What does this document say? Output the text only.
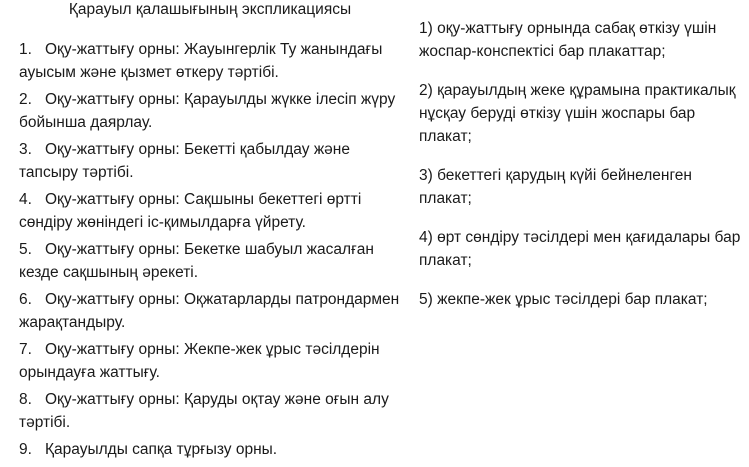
Қарауыл қалашығының экспликациясы
1. Оқу-жаттығу орны: Жауынгерлік Ту жанындағы ауысым және қызмет өткеру тәртібі.
2. Оқу-жаттығу орны: Қарауылды жүкке ілесіп жүру бойынша даярлау.
3. Оқу-жаттығу орны: Бекетті қабылдау және тапсыру тәртібі.
4. Оқу-жаттығу орны: Сақшыны бекеттегі өртті сөндіру жөніндегі іс-қимылдарға үйрету.
5. Оқу-жаттығу орны: Бекетке шабуыл жасалған кезде сақшының әрекеті.
6. Оқу-жаттығу орны: Оқжатарларды патрондармен жарақтандыру.
7. Оқу-жаттығу орны: Жекпе-жек ұрыс тәсілдерін орындауға жаттығу.
8. Оқу-жаттығу орны: Қаруды оқтау және оғын алу тәртібі.
9. Қарауылды сапқа тұрғызу орны.
1) оқу-жаттығу орнында сабақ өткізу үшін жоспар-конспектісі бар плакаттар;
2) қарауылдың жеке құрамына практикалық нұсқау беруді өткізу үшін жоспары бар плакат;
3) бекеттегі қарудың күйі бейнеленген плакат;
4) өрт сөндіру тәсілдері мен қағидалары бар плакат;
5) жекпе-жек ұрыс тәсілдері бар плакат;
